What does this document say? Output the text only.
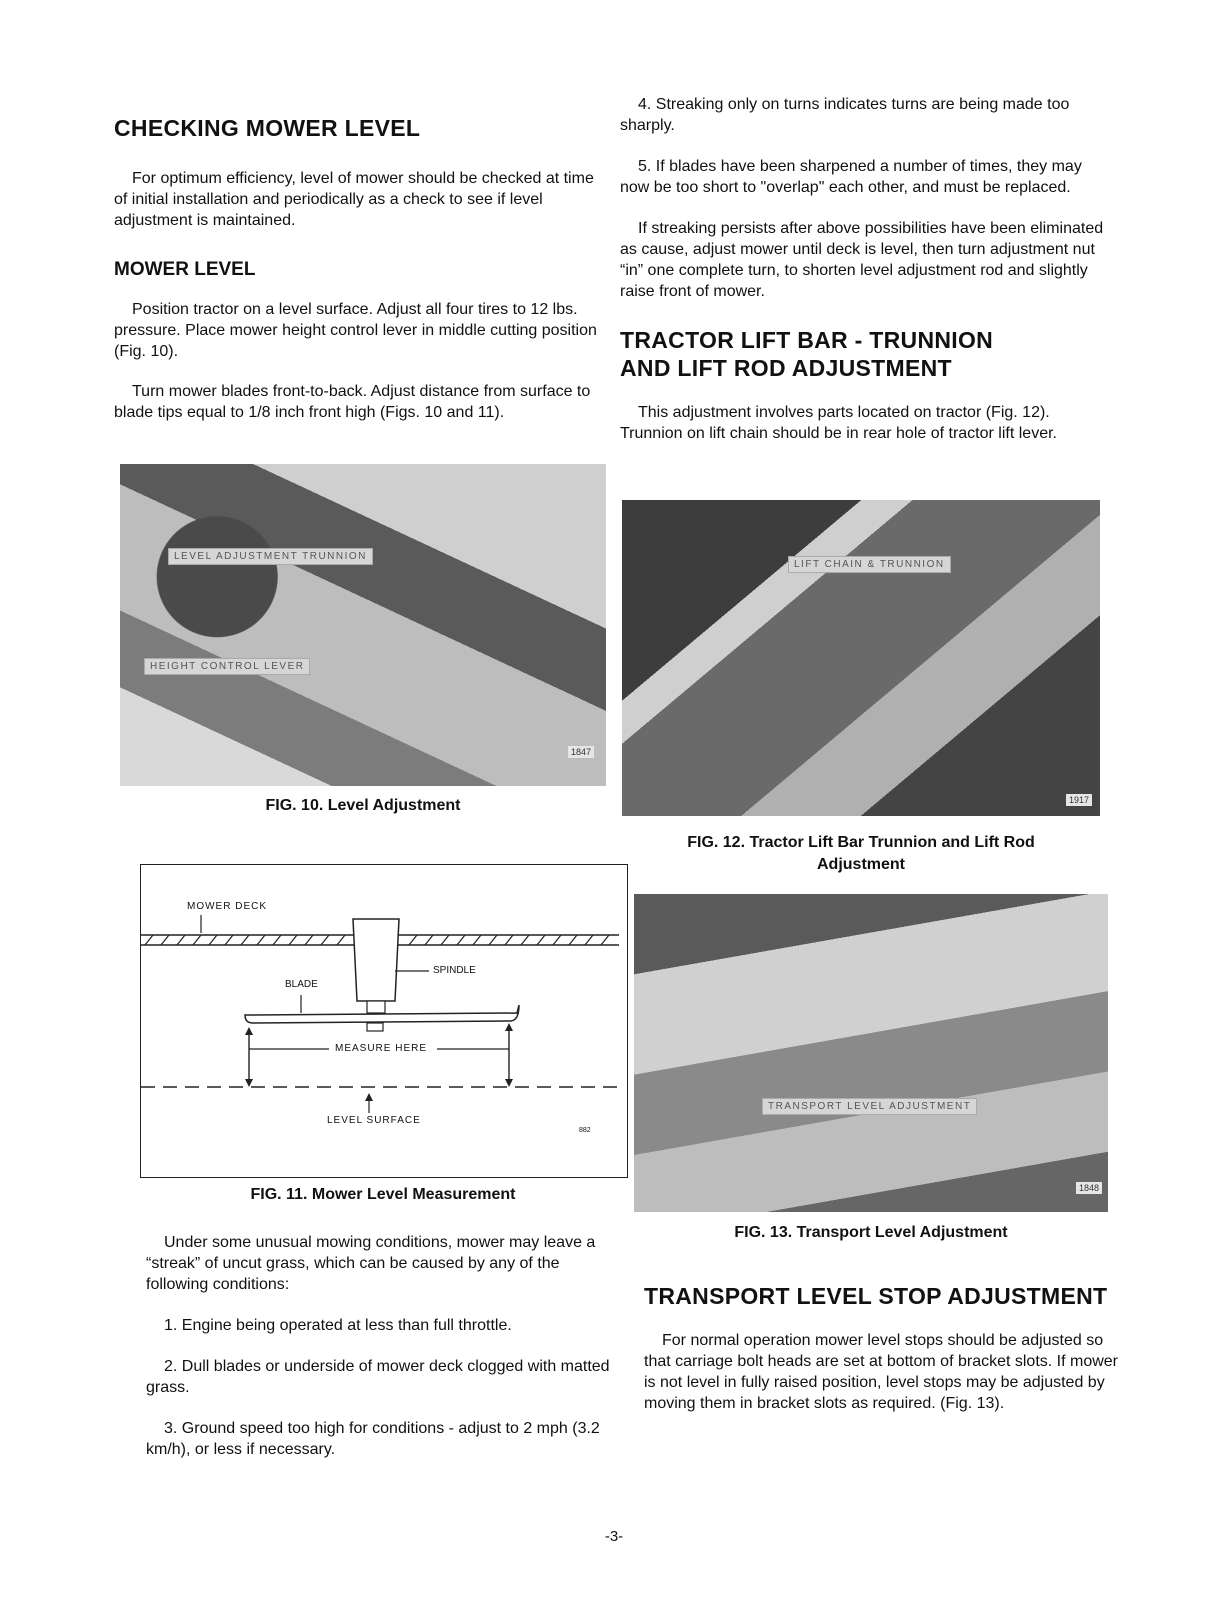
CHECKING MOWER LEVEL

For optimum efficiency, level of mower should be checked at time of initial installation and periodically as a check to see if level adjustment is maintained.

MOWER LEVEL

Position tractor on a level surface. Adjust all four tires to 12 lbs. pressure. Place mower height control lever in middle cutting position (Fig. 10).

Turn mower blades front-to-back. Adjust distance from surface to blade tips equal to 1/8 inch front high (Figs. 10 and 11).

LEVEL ADJUSTMENT TRUNNION
HEIGHT CONTROL LEVER
1847
FIG. 10. Level Adjustment
MOWER DECK
SPINDLE
BLADE
MEASURE HERE
LEVEL SURFACE
882
FIG. 11. Mower Level Measurement

Under some unusual mowing conditions, mower may leave a “streak” of uncut grass, which can be caused by any of the following conditions:

1. Engine being operated at less than full throttle.

2. Dull blades or underside of mower deck clogged with matted grass.

3. Ground speed too high for conditions - adjust to 2 mph (3.2 km/h), or less if necessary.

4. Streaking only on turns indicates turns are being made too sharply.

5. If blades have been sharpened a number of times, they may now be too short to "overlap" each other, and must be replaced.

If streaking persists after above possibilities have been eliminated as cause, adjust mower until deck is level, then turn adjustment nut “in” one complete turn, to shorten level adjustment rod and slightly raise front of mower.

TRACTOR LIFT BAR - TRUNNION
AND LIFT ROD ADJUSTMENT

This adjustment involves parts located on tractor (Fig. 12). Trunnion on lift chain should be in rear hole of tractor lift lever.

LIFT CHAIN & TRUNNION
1917
FIG. 12. Tractor Lift Bar Trunnion and Lift Rod
Adjustment
TRANSPORT LEVEL ADJUSTMENT
1848
FIG. 13. Transport Level Adjustment
TRANSPORT LEVEL STOP ADJUSTMENT

For normal operation mower level stops should be adjusted so that carriage bolt heads are set at bottom of bracket slots. If mower is not level in fully raised position, level stops may be adjusted by moving them in bracket slots as required. (Fig. 13).

-3-
